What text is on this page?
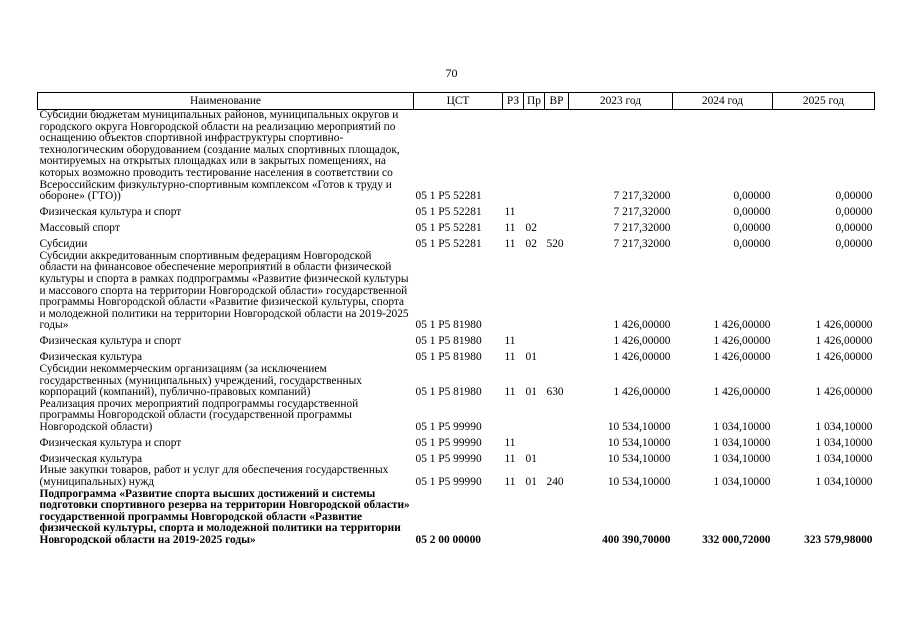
70
Наименование	ЦСТ	РЗ	Пр	ВР	2023 год	2024 год	2025 год
Субсидии бюджетам муниципальных районов, муниципальных округов и городского округа Новгородской области на реализацию мероприятий по оснащению объектов спортивной инфраструктуры спортивно-технологическим оборудованием (создание малых спортивных площадок, монтируемых на открытых площадках или в закрытых помещениях, на которых возможно проводить тестирование населения в соответствии со Всероссийским физкультурно-спортивным комплексом «Готов к труду и обороне» (ГТО))	05 1 P5 52281				7 217,32000	0,00000	0,00000
Физическая культура и спорт	05 1 P5 52281	11			7 217,32000	0,00000	0,00000
Массовый спорт	05 1 P5 52281	11	02		7 217,32000	0,00000	0,00000
Субсидии	05 1 P5 52281	11	02	520	7 217,32000	0,00000	0,00000
Субсидии аккредитованным спортивным федерациям Новгородской области на финансовое обеспечение мероприятий в области физической культуры и спорта в рамках подпрограммы «Развитие физической культуры и массового спорта на территории Новгородской области» государственной программы Новгородской области «Развитие физической культуры, спорта и молодежной политики на территории Новгородской области на 2019-2025 годы»	05 1 P5 81980				1 426,00000	1 426,00000	1 426,00000
Физическая культура и спорт	05 1 P5 81980	11			1 426,00000	1 426,00000	1 426,00000
Физическая культура	05 1 P5 81980	11	01		1 426,00000	1 426,00000	1 426,00000
Субсидии некоммерческим организациям (за исключением государственных (муниципальных) учреждений, государственных корпораций (компаний), публично-правовых компаний)	05 1 P5 81980	11	01	630	1 426,00000	1 426,00000	1 426,00000
Реализация прочих мероприятий подпрограммы государственной программы Новгородской области (государственной программы Новгородской области)	05 1 P5 99990				10 534,10000	1 034,10000	1 034,10000
Физическая культура и спорт	05 1 P5 99990	11			10 534,10000	1 034,10000	1 034,10000
Физическая культура	05 1 P5 99990	11	01		10 534,10000	1 034,10000	1 034,10000
Иные закупки товаров, работ и услуг для обеспечения государственных (муниципальных) нужд	05 1 P5 99990	11	01	240	10 534,10000	1 034,10000	1 034,10000
Подпрограмма «Развитие спорта высших достижений и системы подготовки спортивного резерва на территории Новгородской области» государственной программы Новгородской области «Развитие физической культуры, спорта и молодежной политики на территории Новгородской области на 2019-2025 годы»	05 2 00 00000				400 390,70000	332 000,72000	323 579,98000
